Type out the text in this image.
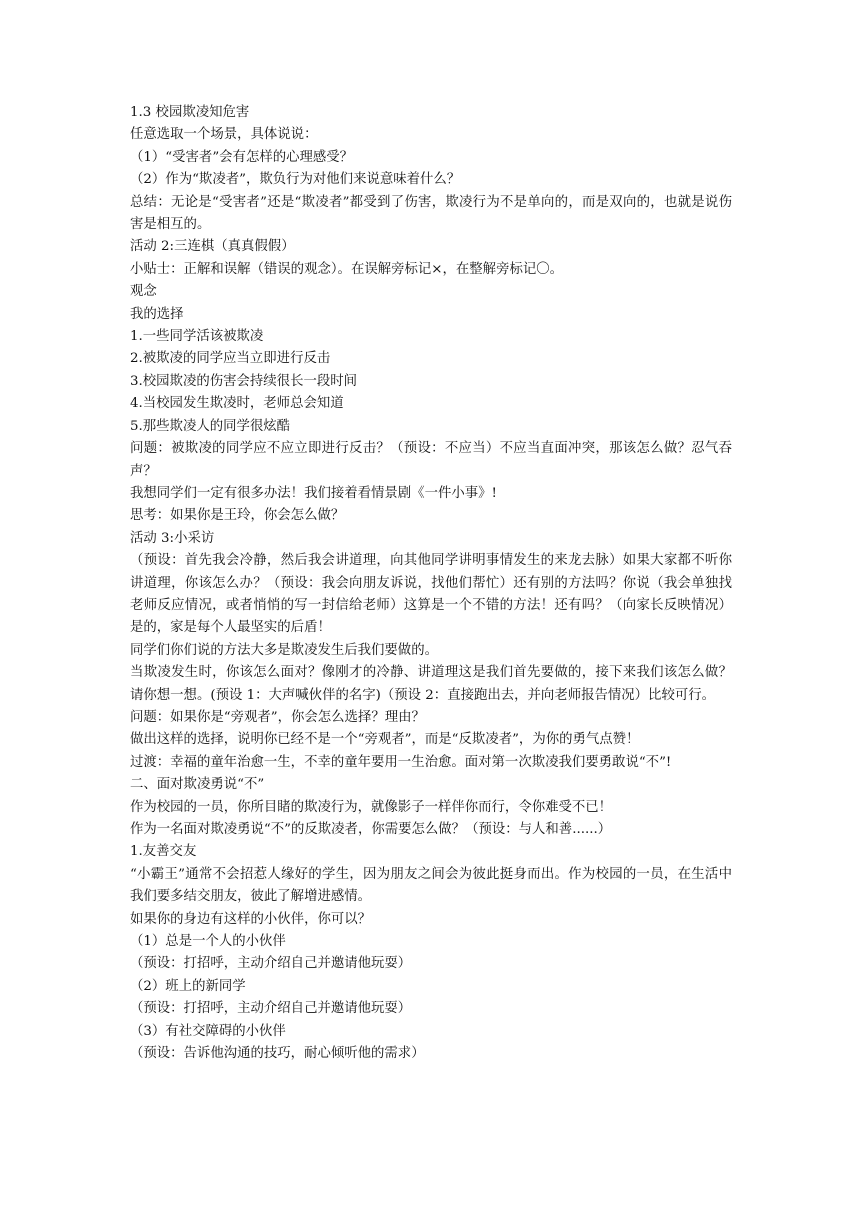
1.3 校园欺凌知危害

任意选取一个场景，具体说说：

（1）“受害者”会有怎样的心理感受？

（2）作为“欺凌者”，欺负行为对他们来说意味着什么？

总结：无论是“受害者”还是“欺凌者”都受到了伤害，欺凌行为不是单向的，而是双向的，也就是说伤害是相互的。

活动 2:三连棋（真真假假）

小贴士：正解和误解（错误的观念）。在误解旁标记×，在整解旁标记〇。

观念

我的选择

1.一些同学活该被欺凌

2.被欺凌的同学应当立即进行反击

3.校园欺凌的伤害会持续很长一段时间

4.当校园发生欺凌时，老师总会知道

5.那些欺凌人的同学很炫酷

问题：被欺凌的同学应不应立即进行反击？（预设：不应当）不应当直面冲突，那该怎么做？忍气吞声？

我想同学们一定有很多办法！我们接着看情景剧《一件小事》!

思考：如果你是王玲，你会怎么做？

活动 3:小采访

（预设：首先我会冷静，然后我会讲道理，向其他同学讲明事情发生的来龙去脉）如果大家都不听你讲道理，你该怎么办？（预设：我会向朋友诉说，找他们帮忙）还有别的方法吗？你说（我会单独找老师反应情况，或者悄悄的写一封信给老师）这算是一个不错的方法！还有吗？（向家长反映情况）是的，家是每个人最坚实的后盾！

同学们你们说的方法大多是欺凌发生后我们要做的。

当欺凌发生时，你该怎么面对？像刚才的冷静、讲道理这是我们首先要做的，接下来我们该怎么做？请你想一想。(预设 1：大声喊伙伴的名字)（预设 2：直接跑出去，并向老师报告情况）比较可行。

问题：如果你是“旁观者”，你会怎么选择？理由？

做出这样的选择，说明你已经不是一个“旁观者”，而是“反欺凌者”，为你的勇气点赞！

过渡：幸福的童年治愈一生，不幸的童年要用一生治愈。面对第一次欺凌我们要勇敢说“不”!

二、面对欺凌勇说“不”

作为校园的一员，你所目睹的欺凌行为，就像影子一样伴你而行，令你难受不已！

作为一名面对欺凌勇说“不”的反欺凌者，你需要怎么做？（预设：与人和善......）

1.友善交友

“小霸王”通常不会招惹人缘好的学生，因为朋友之间会为彼此挺身而出。作为校园的一员，在生活中我们要多结交朋友，彼此了解增进感情。

如果你的身边有这样的小伙伴，你可以？

（1）总是一个人的小伙伴

（预设：打招呼，主动介绍自己并邀请他玩耍）

（2）班上的新同学

（预设：打招呼，主动介绍自己并邀请他玩耍）

（3）有社交障碍的小伙伴

（预设：告诉他沟通的技巧，耐心倾听他的需求）
